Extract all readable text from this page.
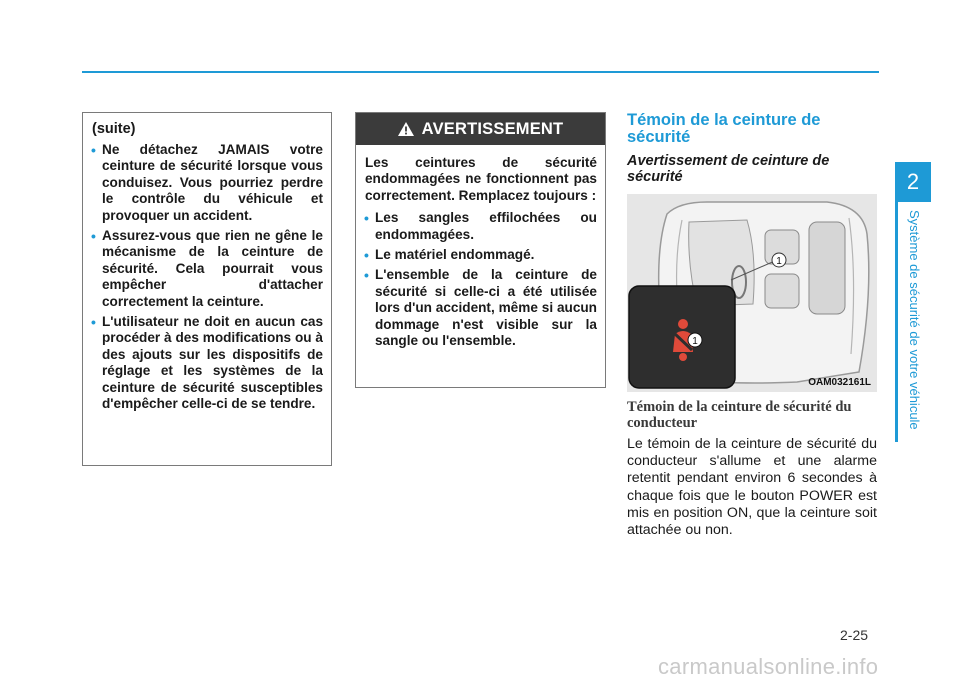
2
Système de sécurité de votre véhicule
(suite)
• Ne détachez JAMAIS votre ceinture de sécurité lorsque vous conduisez. Vous pourriez perdre le contrôle du véhicule et provoquer un accident.
• Assurez-vous que rien ne gêne le mécanisme de la ceinture de sécurité. Cela pourrait vous empêcher d'attacher correctement la ceinture.
• L'utilisateur ne doit en aucun cas procéder à des modifications ou à des ajouts sur les dispositifs de réglage et les systèmes de la ceinture de sécurité susceptibles d'empêcher celle-ci de se tendre.
AVERTISSEMENT

Les ceintures de sécurité endommagées ne fonctionnent pas correctement. Remplacez toujours :

• Les sangles effilochées ou endommagées.
• Le matériel endommagé.
• L'ensemble de la ceinture de sécurité si celle-ci a été utilisée lors d'un accident, même si aucun dommage n'est visible sur la sangle ou l'ensemble.
Témoin de la ceinture de sécurité
Avertissement de ceinture de sécurité
1
1
OAM032161L
Témoin de la ceinture de sécurité du conducteur
Le témoin de la ceinture de sécurité du conducteur s'allume et une alarme retentit pendant environ 6 secondes à chaque fois que le bouton POWER est mis en position ON, que la ceinture soit attachée ou non.
2-25
carmanualsonline.info
